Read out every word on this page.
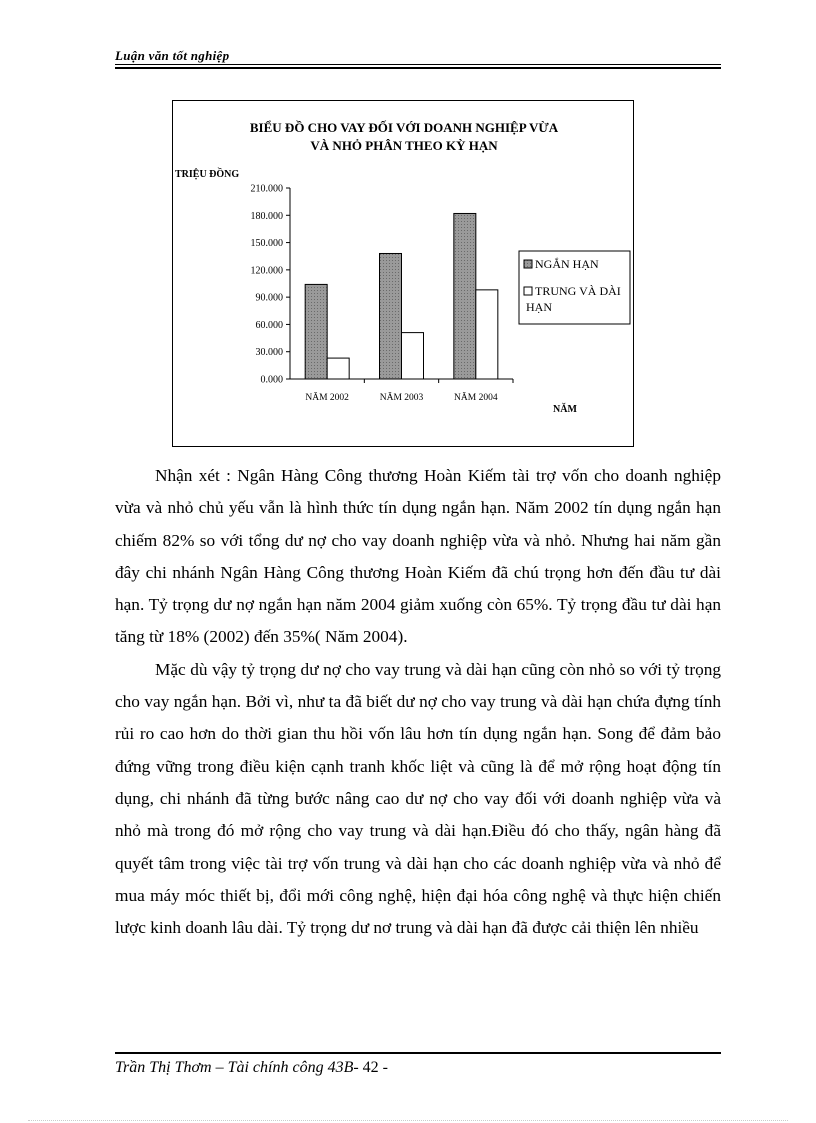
Luận văn tốt nghiệp
BIỂU ĐỒ CHO VAY ĐỐI VỚI DOANH NGHIỆP VỪA
VÀ NHỎ PHÂN THEO KỲ HẠN
TRIỆU ĐỒNG
NĂM
0.000
30.000
60.000
90.000
120.000
150.000
180.000
210.000
NĂM 2002	NĂM 2003	NĂM 2004
NGẮN HẠN
TRUNG VÀ DÀI
HẠN

Nhận xét : Ngân Hàng Công thương Hoàn Kiếm tài trợ vốn cho doanh nghiệp vừa và nhỏ chủ yếu vẫn là hình thức tín dụng ngắn hạn. Năm 2002 tín dụng ngắn hạn chiếm 82% so với tổng dư nợ cho vay doanh nghiệp vừa và nhỏ. Nhưng hai năm gần đây chi nhánh Ngân Hàng Công thương Hoàn Kiếm đã chú trọng hơn đến đầu tư dài hạn. Tỷ trọng dư nợ ngắn hạn năm 2004 giảm xuống còn 65%. Tỷ trọng đầu tư dài hạn tăng từ 18% (2002) đến 35%( Năm 2004).

Mặc dù vậy tỷ trọng dư nợ cho vay trung và dài hạn cũng còn nhỏ so với tỷ trọng cho vay ngắn hạn. Bởi vì, như ta đã biết dư nợ cho vay trung và dài hạn chứa đựng tính rủi ro cao hơn do thời gian thu hồi vốn lâu hơn tín dụng ngắn hạn. Song để đảm bảo đứng vững trong điều kiện cạnh tranh khốc liệt và cũng là để mở rộng hoạt động tín dụng, chi nhánh đã từng bước nâng cao dư nợ cho vay đối với doanh nghiệp vừa và nhỏ mà trong đó mở rộng cho vay trung và dài hạn.Điều đó cho thấy, ngân hàng đã quyết tâm trong việc tài trợ vốn trung và dài hạn cho các doanh nghiệp vừa và nhỏ để mua máy móc thiết bị, đổi mới công nghệ, hiện đại hóa công nghệ và thực hiện chiến lược kinh doanh lâu dài. Tỷ trọng dư nơ trung và dài hạn đã được cải thiện lên nhiều

Trần Thị Thơm – Tài chính công 43B- 42 -
